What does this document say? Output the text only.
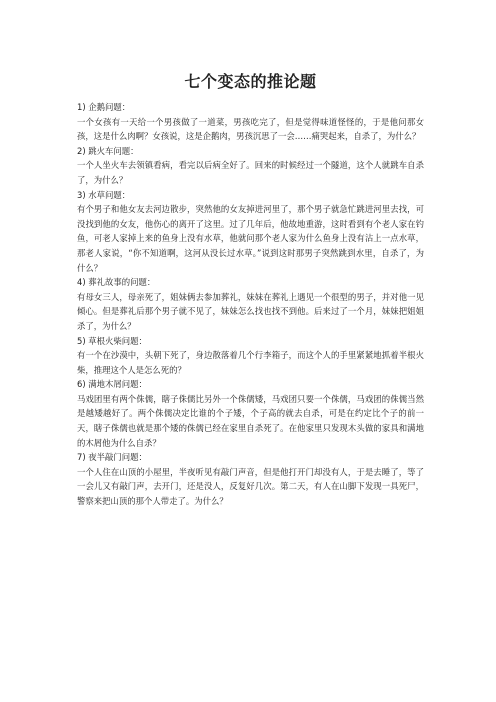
七个变态的推论题

1) 企鹅问题：

一个女孩有一天给一个男孩做了一道菜，男孩吃完了，但是觉得味道怪怪的，于是他问那女孩，这是什么肉啊？女孩说，这是企鹅肉，男孩沉思了一会……痛哭起来，自杀了，为什么？

2) 跳火车问题：

一个人坐火车去领镇看病，看完以后病全好了。回来的时候经过一个隧道，这个人就跳车自杀了，为什么？

3) 水草问题：

有个男子和他女友去河边散步，突然他的女友掉进河里了，那个男子就急忙跳进河里去找，可没找到他的女友，他伤心的离开了这里。过了几年后，他故地重游，这时看到有个老人家在钓鱼，可老人家掉上来的鱼身上没有水草，他就问那个老人家为什么鱼身上没有沾上一点水草，那老人家说，“你不知道啊，这河从没长过水草。”说到这时那男子突然跳到水里，自杀了，为什么？

4) 葬礼故事的问题：

有母女三人，母亲死了，姐妹俩去参加葬礼，妹妹在葬礼上遇见一个很型的男子，并对他一见倾心。但是葬礼后那个男子就不见了，妹妹怎么找也找不到他。后来过了一个月，妹妹把姐姐杀了，为什么？

5) 草根火柴问题：

有一个在沙漠中，头朝下死了，身边散落着几个行李箱子，而这个人的手里紧紧地抓着半根火柴，推理这个人是怎么死的？

6) 满地木屑问题：

马戏团里有两个侏儒，瞎子侏儒比另外一个侏儒矮，马戏团只要一个侏儒，马戏团的侏儒当然是越矮越好了。两个侏儒决定比谁的个子矮，个子高的就去自杀，可是在约定比个子的前一天，瞎子侏儒也就是那个矮的侏儒已经在家里自杀死了。在他家里只发现木头做的家具和满地的木屑他为什么自杀？

7) 夜半敲门问题：

一个人住在山顶的小屋里，半夜听见有敲门声音，但是他打开门却没有人，于是去睡了，等了一会儿又有敲门声，去开门，还是没人，反复好几次。第二天，有人在山脚下发现一具死尸，警察来把山顶的那个人带走了。为什么？
